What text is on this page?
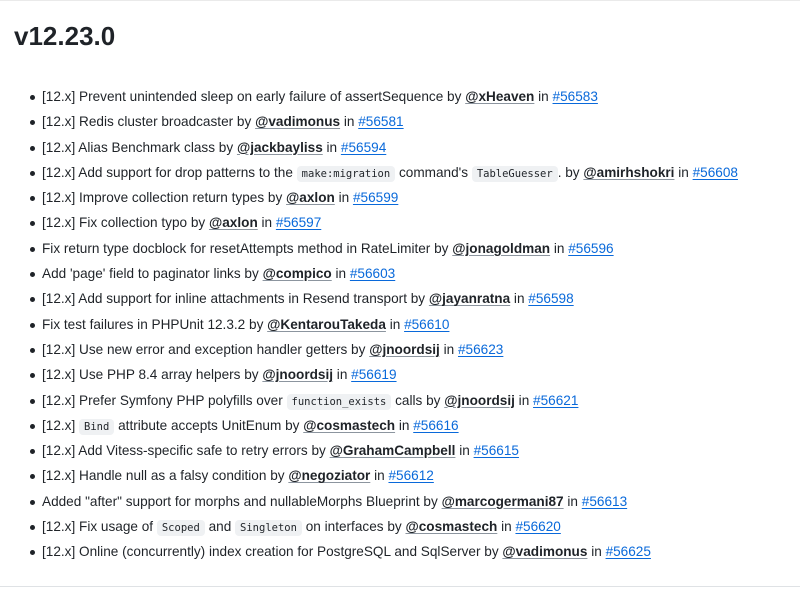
v12.23.0
[12.x] Prevent unintended sleep on early failure of assertSequence by @xHeaven in #56583
[12.x] Redis cluster broadcaster by @vadimonus in #56581
[12.x] Alias Benchmark class by @jackbayliss in #56594
[12.x] Add support for drop patterns to the make:migration command's TableGuesser . by @amirhshokri in #56608
[12.x] Improve collection return types by @axlon in #56599
[12.x] Fix collection typo by @axlon in #56597
Fix return type docblock for resetAttempts method in RateLimiter by @jonagoldman in #56596
Add 'page' field to paginator links by @compico in #56603
[12.x] Add support for inline attachments in Resend transport by @jayanratna in #56598
Fix test failures in PHPUnit 12.3.2 by @KentarouTakeda in #56610
[12.x] Use new error and exception handler getters by @jnoordsij in #56623
[12.x] Use PHP 8.4 array helpers by @jnoordsij in #56619
[12.x] Prefer Symfony PHP polyfills over function_exists calls by @jnoordsij in #56621
[12.x] Bind attribute accepts UnitEnum by @cosmastech in #56616
[12.x] Add Vitess-specific safe to retry errors by @GrahamCampbell in #56615
[12.x] Handle null as a falsy condition by @negoziator in #56612
Added "after" support for morphs and nullableMorphs Blueprint by @marcogermani87 in #56613
[12.x] Fix usage of Scoped and Singleton on interfaces by @cosmastech in #56620
[12.x] Online (concurrently) index creation for PostgreSQL and SqlServer by @vadimonus in #56625
